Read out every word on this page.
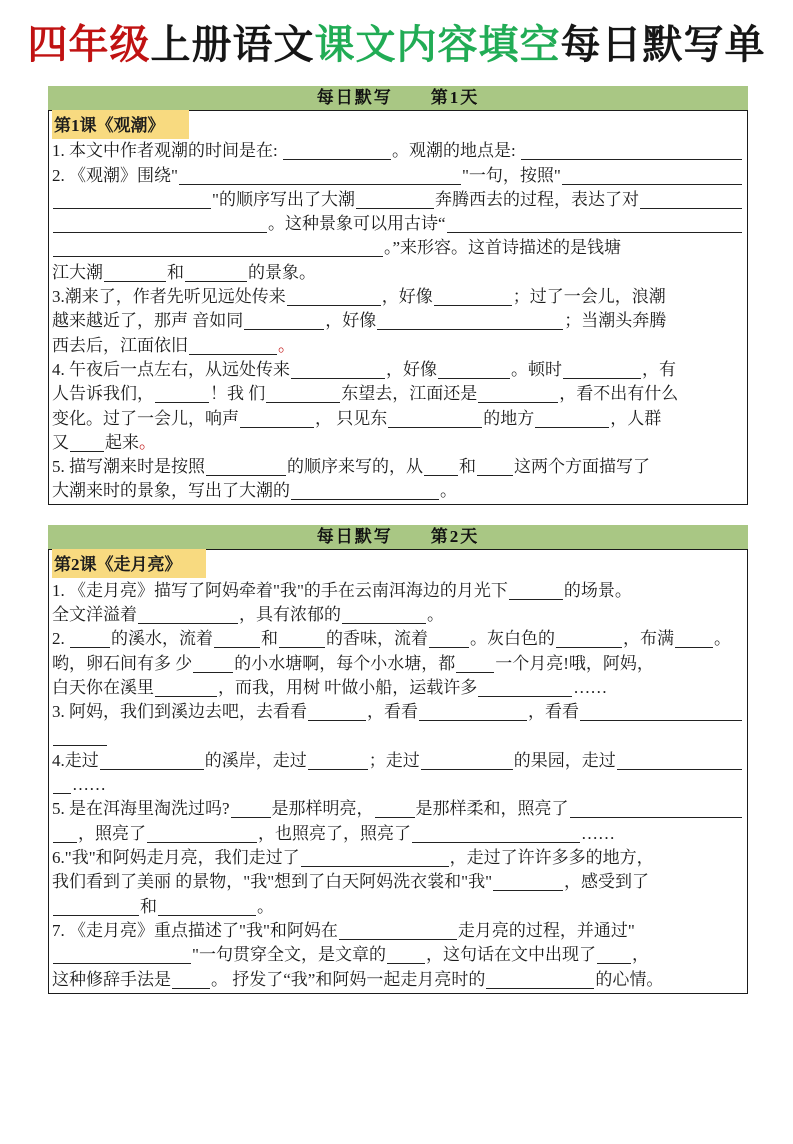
四年级上册语文课文内容填空每日默写单
每日默写　　第1天
第1课《观潮》
1. 本文中作者观潮的时间是在:	。观潮的地点是:
2. 《观潮》围绕"	"一句，按照"
"的顺序写出了大潮	奔腾西去的过程，表达了对
。这种景象可以用古诗“
。”来形容。这首诗描述的是钱塘
江大潮	和	的景象。
3.潮来了，作者先听见远处传来	，好像	；过了一会儿，浪潮
越来越近了，那声 音如同	，好像	；当潮头奔腾
西去后，江面依旧	。
4. 午夜后一点左右，从远处传来	，好像	。顿时	，有
人告诉我们，	！我 们	东望去，江面还是	，看不出有什么
变化。过了一会儿，响声	， 只见东	的地方	，人群
又 起来 。
5. 描写潮来时是按照	的顺序来写的，从 和 这两个方面描写了
大潮来时的景象，写出了大潮的	。
每日默写　　第2天
第2课《走月亮》
1. 《走月亮》描写了阿妈牵着"我"的手在云南洱海边的月光下	的场景。
全文洋溢着	，具有浓郁的	。
2. 的溪水，流着	和	的香味，流着 。灰白色的	，布满 。
哟，卵石间有多 少 的小水塘啊，每个小水塘，都 一个月亮!哦，阿妈，
白天你在溪里	，而我，用树 叶做小船，运载许多	……
3. 阿妈，我们到溪边去吧，去看看	，看看	，看看
4.走过	的溪岸，走过	；走过	的果园，走过
……
5. 是在洱海里淘洗过吗? 是那样明亮， 是那样柔和，照亮了
，照亮了	，也照亮了，照亮了	……
6."我"和阿妈走月亮，我们走过了	，走过了许许多多的地方，
我们看到了美丽 的景物，"我"想到了白天阿妈洗衣裳和"我"	，感受到了
和	。
7. 《走月亮》重点描述了"我"和阿妈在	走月亮的过程，并通过"
"一句贯穿全文，是文章的 ，这句话在文中出现了 ，
这种修辞手法是 。 抒发了“我”和阿妈一起走月亮时的	的心情。
